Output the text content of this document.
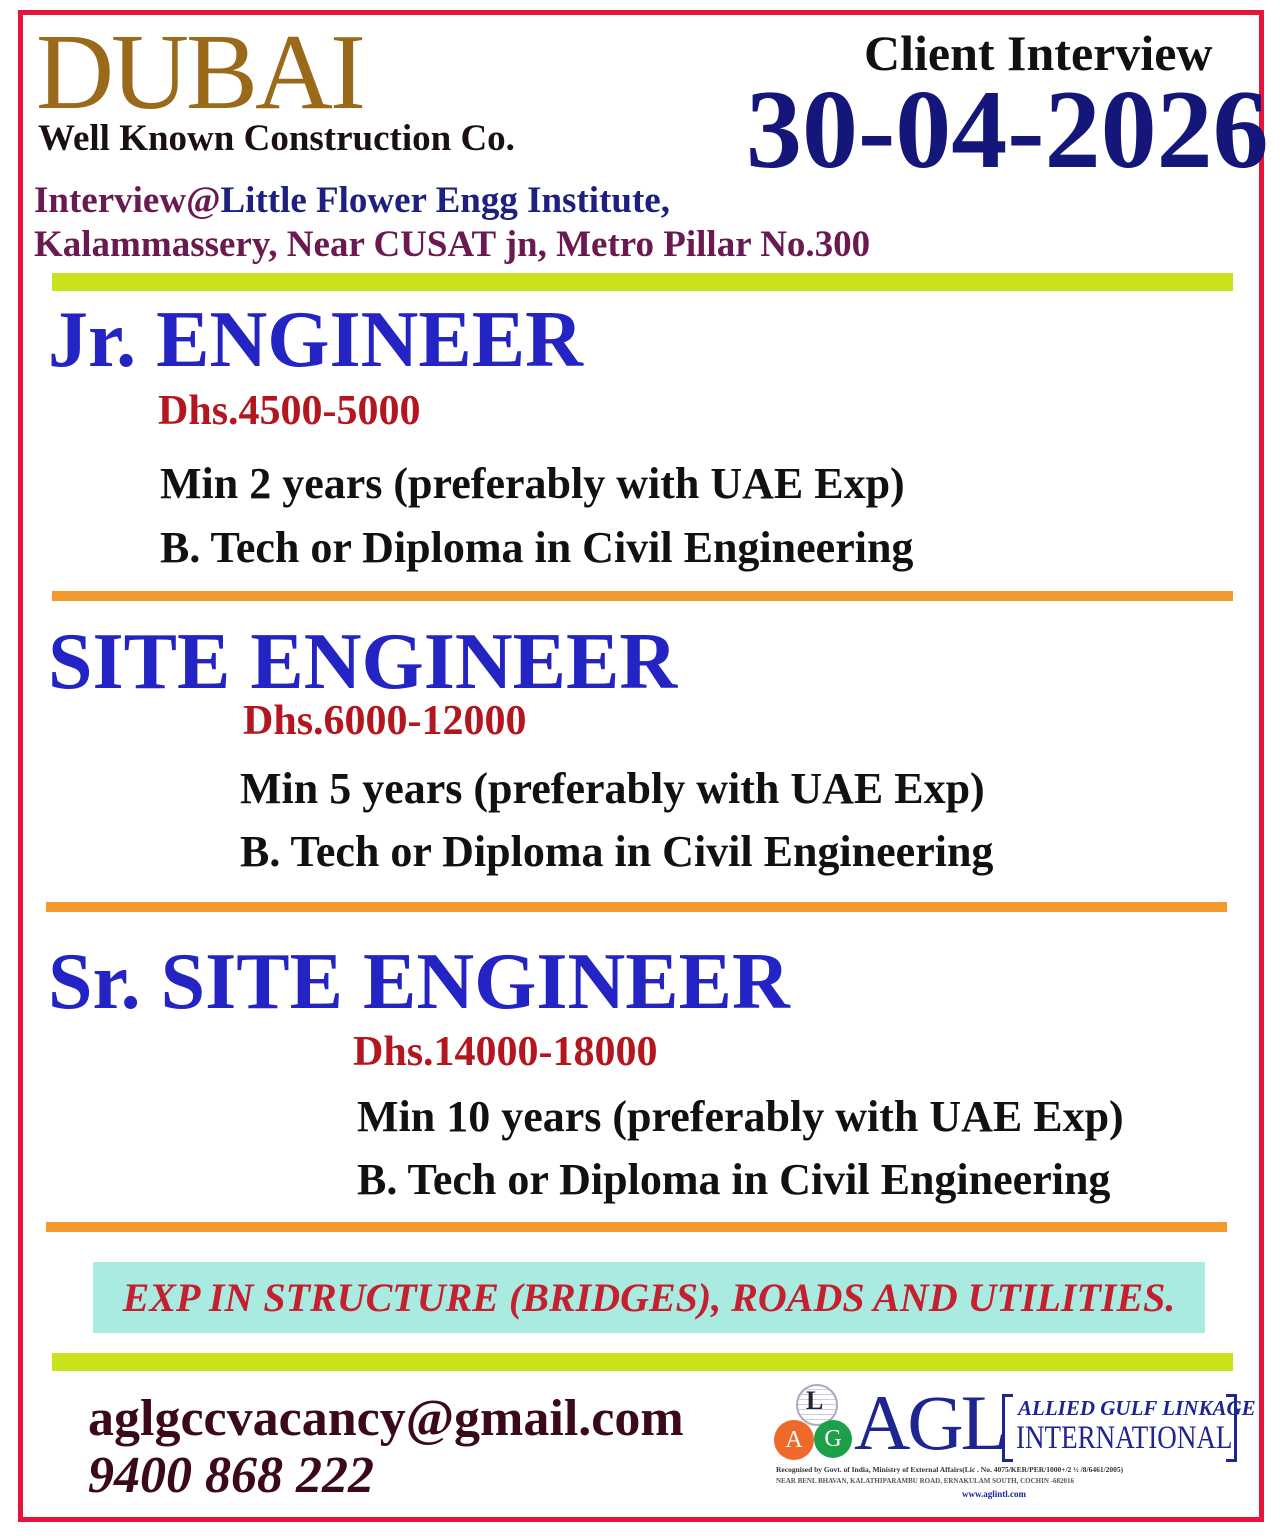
DUBAI
Well Known Construction Co.
Client Interview
30-04-2026
Interview@Little Flower Engg Institute,
Kalammassery, Near CUSAT jn, Metro Pillar No.300
Jr. ENGINEER
Dhs.4500-5000
Min 2 years (preferably with UAE Exp)
B. Tech or Diploma in Civil Engineering
SITE ENGINEER
Dhs.6000-12000
Min 5 years (preferably with UAE Exp)
B. Tech or Diploma in Civil Engineering
Sr. SITE ENGINEER
Dhs.14000-18000
Min 10 years (preferably with UAE Exp)
B. Tech or Diploma in Civil Engineering
EXP IN STRUCTURE (BRIDGES), ROADS AND UTILITIES.
aglgccvacancy@gmail.com
9400 868 222
L
A G AGL ALLIED GULF LINKAGE
INTERNATIONAL
Recognised by Govt. of India, Ministry of External Affairs(Lic . No. 4075/KER/PER/1000+/2 ½ /8/6461/2005)
NEAR BENL BHAVAN, KALATHIPARAMBU ROAD, ERNAKULAM SOUTH, COCHIN -682016
www.aglintl.com
